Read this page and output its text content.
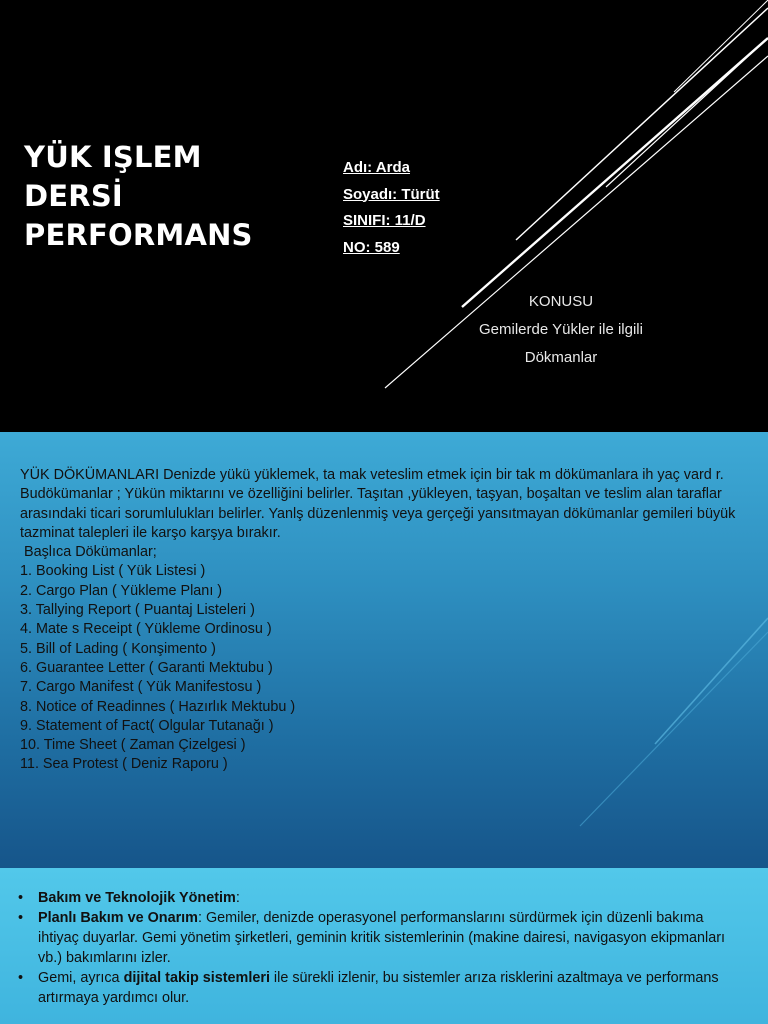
YÜK IŞLEM
DERSİ
PERFORMANS
Adı: Arda
Soyadı: Türüt
SINIFI: 11/D
NO: 589
KONUSU
Gemilerde Yükler ile ilgili
Dökmanlar

YÜK DÖKÜMANLARI Denizde yükü yüklemek, ta mak veteslim etmek için bir tak m dökümanlara ih yaç vard r. Budökümanlar ; Yükün miktarını ve özelliğini belirler. Taşıtan ,yükleyen, taşyan, boşaltan ve teslim alan taraflar arasındaki ticari sorumlulukları belirler. Yanlş düzenlenmiş veya gerçeği yansıtmayan dökümanlar gemileri büyük tazminat talepleri ile karşo karşya bırakır.

Başlıca Dökümanlar;

1. Booking List ( Yük Listesi )
2. Cargo Plan ( Yükleme Planı )
3. Tallying Report ( Puantaj Listeleri )
4. Mate s Receipt ( Yükleme Ordinosu )
5. Bill of Lading ( Konşimento )
6. Guarantee Letter ( Garanti Mektubu )
7. Cargo Manifest ( Yük Manifestosu )
8. Notice of Readinnes ( Hazırlık Mektubu )
9. Statement of Fact( Olgular Tutanağı )
10. Time Sheet ( Zaman Çizelgesi )
11. Sea Protest ( Deniz Raporu )
• Bakım ve Teknolojik Yönetim:
• Planlı Bakım ve Onarım: Gemiler, denizde operasyonel performanslarını sürdürmek için düzenli bakıma ihtiyaç duyarlar. Gemi yönetim şirketleri, geminin kritik sistemlerinin (makine dairesi, navigasyon ekipmanları vb.) bakımlarını izler.
• Gemi, ayrıca dijital takip sistemleri ile sürekli izlenir, bu sistemler arıza risklerini azaltmaya ve performans artırmaya yardımcı olur.
